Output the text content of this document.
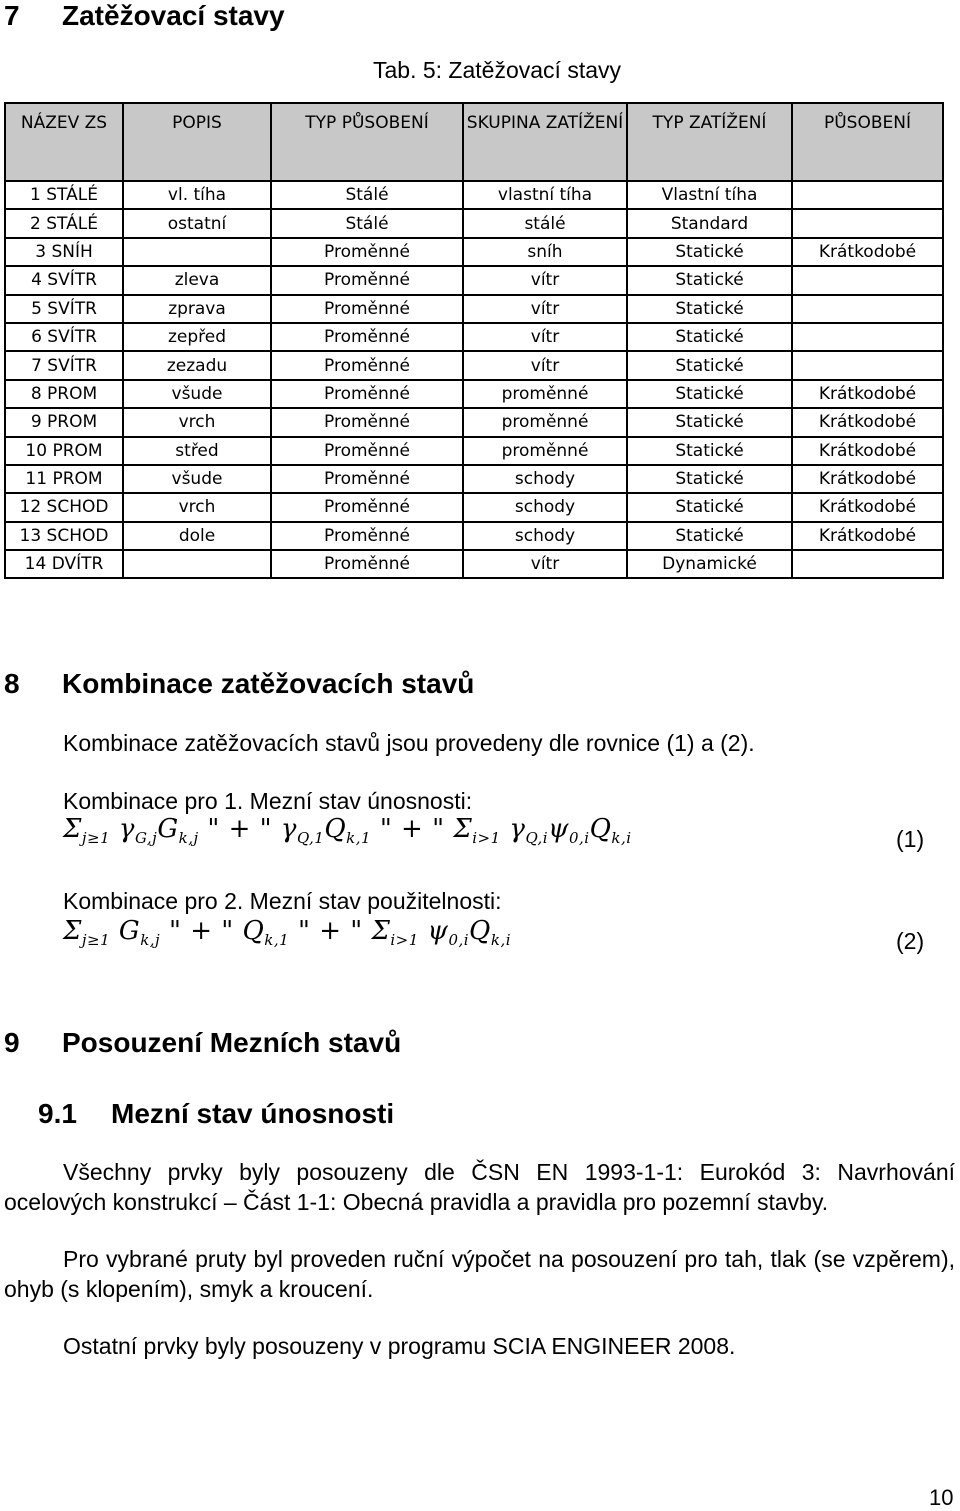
7 Zatěžovací stavy
Tab. 5: Zatěžovací stavy
NÁZEV ZS	POPIS	TYP PŮSOBENÍ	SKUPINA ZATÍŽENÍ	TYP ZATÍŽENÍ	PŮSOBENÍ
1 STÁLÉ	vl. tíha	Stálé	vlastní tíha	Vlastní tíha	
2 STÁLÉ	ostatní	Stálé	stálé	Standard	
3 SNÍH		Proměnné	sníh	Statické	Krátkodobé
4 SVÍTR	zleva	Proměnné	vítr	Statické	
5 SVÍTR	zprava	Proměnné	vítr	Statické	
6 SVÍTR	zepřed	Proměnné	vítr	Statické	
7 SVÍTR	zezadu	Proměnné	vítr	Statické	
8 PROM	všude	Proměnné	proměnné	Statické	Krátkodobé
9 PROM	vrch	Proměnné	proměnné	Statické	Krátkodobé
10 PROM	střed	Proměnné	proměnné	Statické	Krátkodobé
11 PROM	všude	Proměnné	schody	Statické	Krátkodobé
12 SCHOD	vrch	Proměnné	schody	Statické	Krátkodobé
13 SCHOD	dole	Proměnné	schody	Statické	Krátkodobé
14 DVÍTR		Proměnné	vítr	Dynamické	
8 Kombinace zatěžovacích stavů
Kombinace zatěžovacích stavů jsou provedeny dle rovnice (1) a (2).
Kombinace pro 1. Mezní stav únosnosti:
$\Sigma_{j\ge 1}$ $\gamma_{G,j}G_{k,j}$ " + " $\gamma_{Q,1}Q_{k,1}$ " + " $\Sigma_{i>1}$ $\gamma_{Q,i}\psi_{0,i}Q_{k,i}$	(1)
Kombinace pro 2. Mezní stav použitelnosti:
$\Sigma_{j\ge 1}$ $G_{k,j}$ " + " $Q_{k,1}$ " + " $\Sigma_{i>1}$ $\psi_{0,i}Q_{k,i}$	(2)
9 Posouzení Mezních stavů
9.1 Mezní stav únosnosti
Všechny prvky byly posouzeny dle ČSN EN 1993-1-1: Eurokód 3: Navrhování ocelových konstrukcí – Část 1-1: Obecná pravidla a pravidla pro pozemní stavby.
Pro vybrané pruty byl proveden ruční výpočet na posouzení pro tah, tlak (se vzpěrem), ohyb (s klopením), smyk a kroucení.
Ostatní prvky byly posouzeny v programu SCIA ENGINEER 2008.
10
